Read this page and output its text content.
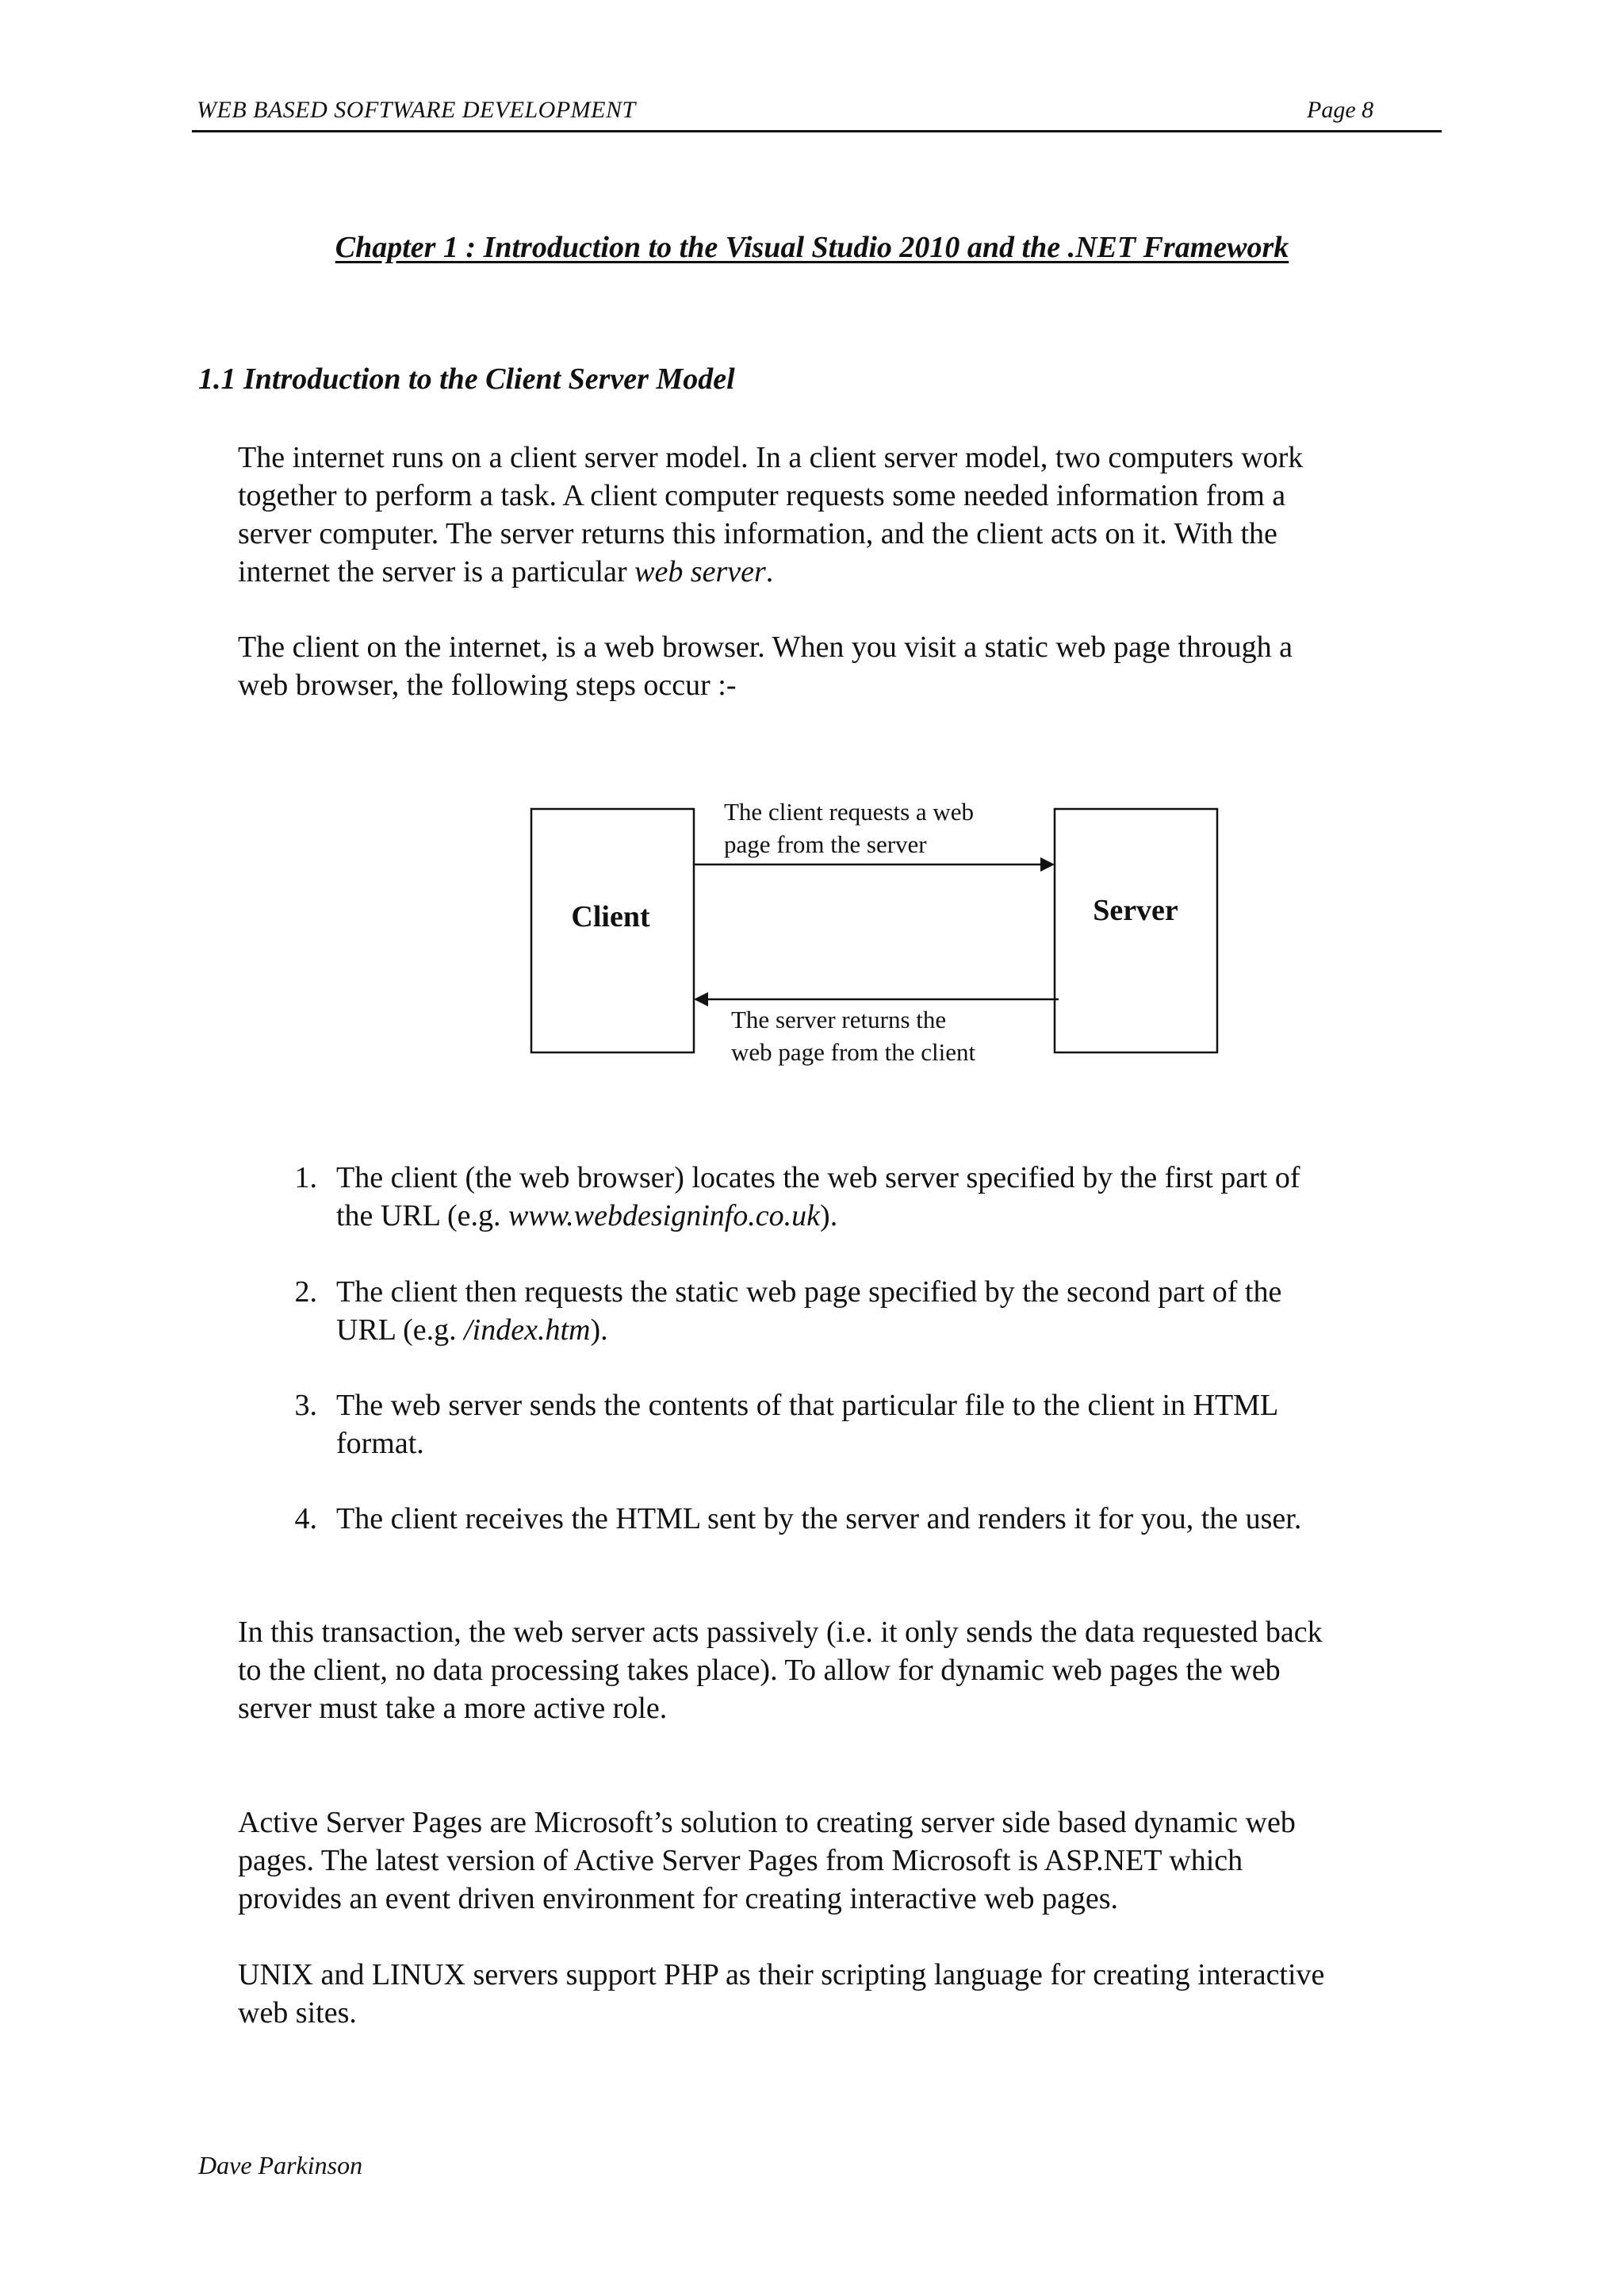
WEB BASED SOFTWARE DEVELOPMENT	Page 8
Chapter 1 : Introduction to the Visual Studio 2010 and the .NET Framework
1.1 Introduction to the Client Server Model
The internet runs on a client server model. In a client server model, two computers work
together to perform a task. A client computer requests some needed information from a
server computer. The server returns this information, and the client acts on it. With the
internet the server is a particular web server.
The client on the internet, is a web browser. When you visit a static web page through a
web browser, the following steps occur :-
Client	Server
The client requests a web
page from the server
The server returns the
web page from the client
1. The client (the web browser) locates the web server specified by the first part of
the URL (e.g. www.webdesigninfo.co.uk).
2. The client then requests the static web page specified by the second part of the
URL (e.g. /index.htm).
3. The web server sends the contents of that particular file to the client in HTML
format.
4. The client receives the HTML sent by the server and renders it for you, the user.
In this transaction, the web server acts passively (i.e. it only sends the data requested back
to the client, no data processing takes place). To allow for dynamic web pages the web
server must take a more active role.
Active Server Pages are Microsoft’s solution to creating server side based dynamic web
pages. The latest version of Active Server Pages from Microsoft is ASP.NET which
provides an event driven environment for creating interactive web pages.
UNIX and LINUX servers support PHP as their scripting language for creating interactive
web sites.
Dave Parkinson
